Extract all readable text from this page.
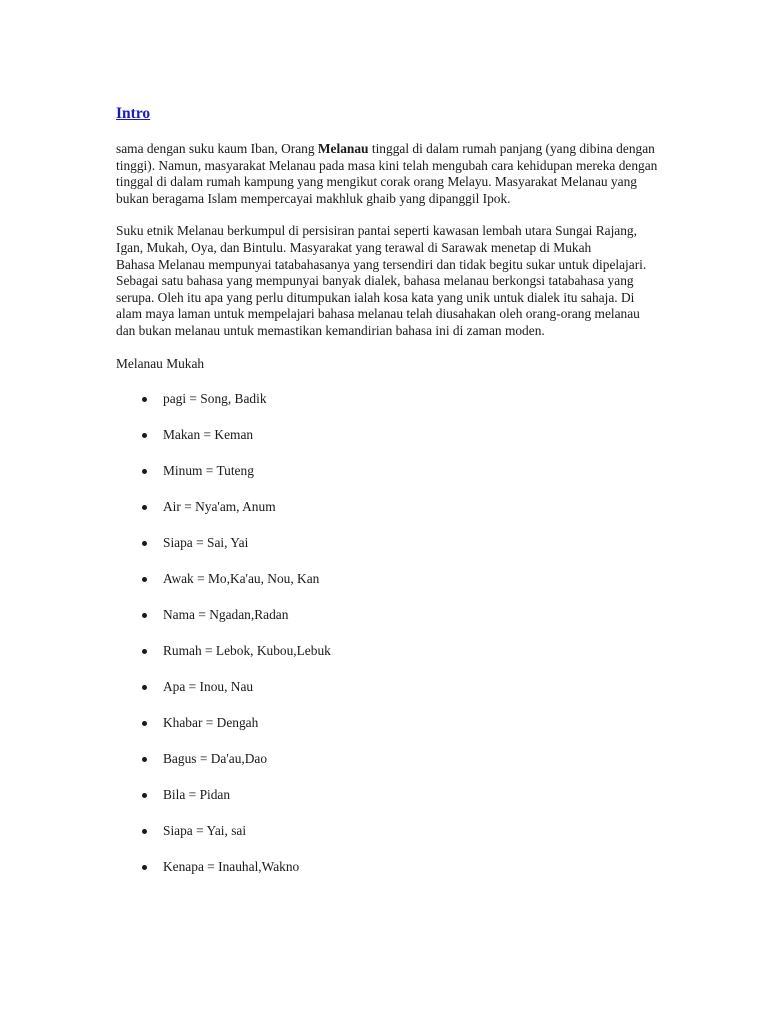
Intro

sama dengan suku kaum Iban, Orang Melanau tinggal di dalam rumah panjang (yang dibina dengan tinggi). Namun, masyarakat Melanau pada masa kini telah mengubah cara kehidupan mereka dengan tinggal di dalam rumah kampung yang mengikut corak orang Melayu. Masyarakat Melanau yang bukan beragama Islam mempercayai makhluk ghaib yang dipanggil Ipok.

Suku etnik Melanau berkumpul di persisiran pantai seperti kawasan lembah utara Sungai Rajang, Igan, Mukah, Oya, dan Bintulu. Masyarakat yang terawal di Sarawak menetap di Mukah

Bahasa Melanau mempunyai tatabahasanya yang tersendiri dan tidak begitu sukar untuk dipelajari. Sebagai satu bahasa yang mempunyai banyak dialek, bahasa melanau berkongsi tatabahasa yang serupa. Oleh itu apa yang perlu ditumpukan ialah kosa kata yang unik untuk dialek itu sahaja. Di alam maya laman untuk mempelajari bahasa melanau telah diusahakan oleh orang-orang melanau dan bukan melanau untuk memastikan kemandirian bahasa ini di zaman moden.

Melanau Mukah

pagi = Song, Badik
Makan = Keman
Minum = Tuteng
Air = Nya'am, Anum
Siapa = Sai, Yai
Awak = Mo,Ka'au, Nou, Kan
Nama = Ngadan,Radan
Rumah = Lebok, Kubou,Lebuk
Apa = Inou, Nau
Khabar = Dengah
Bagus = Da'au,Dao
Bila = Pidan
Siapa = Yai, sai
Kenapa = Inauhal,Wakno
